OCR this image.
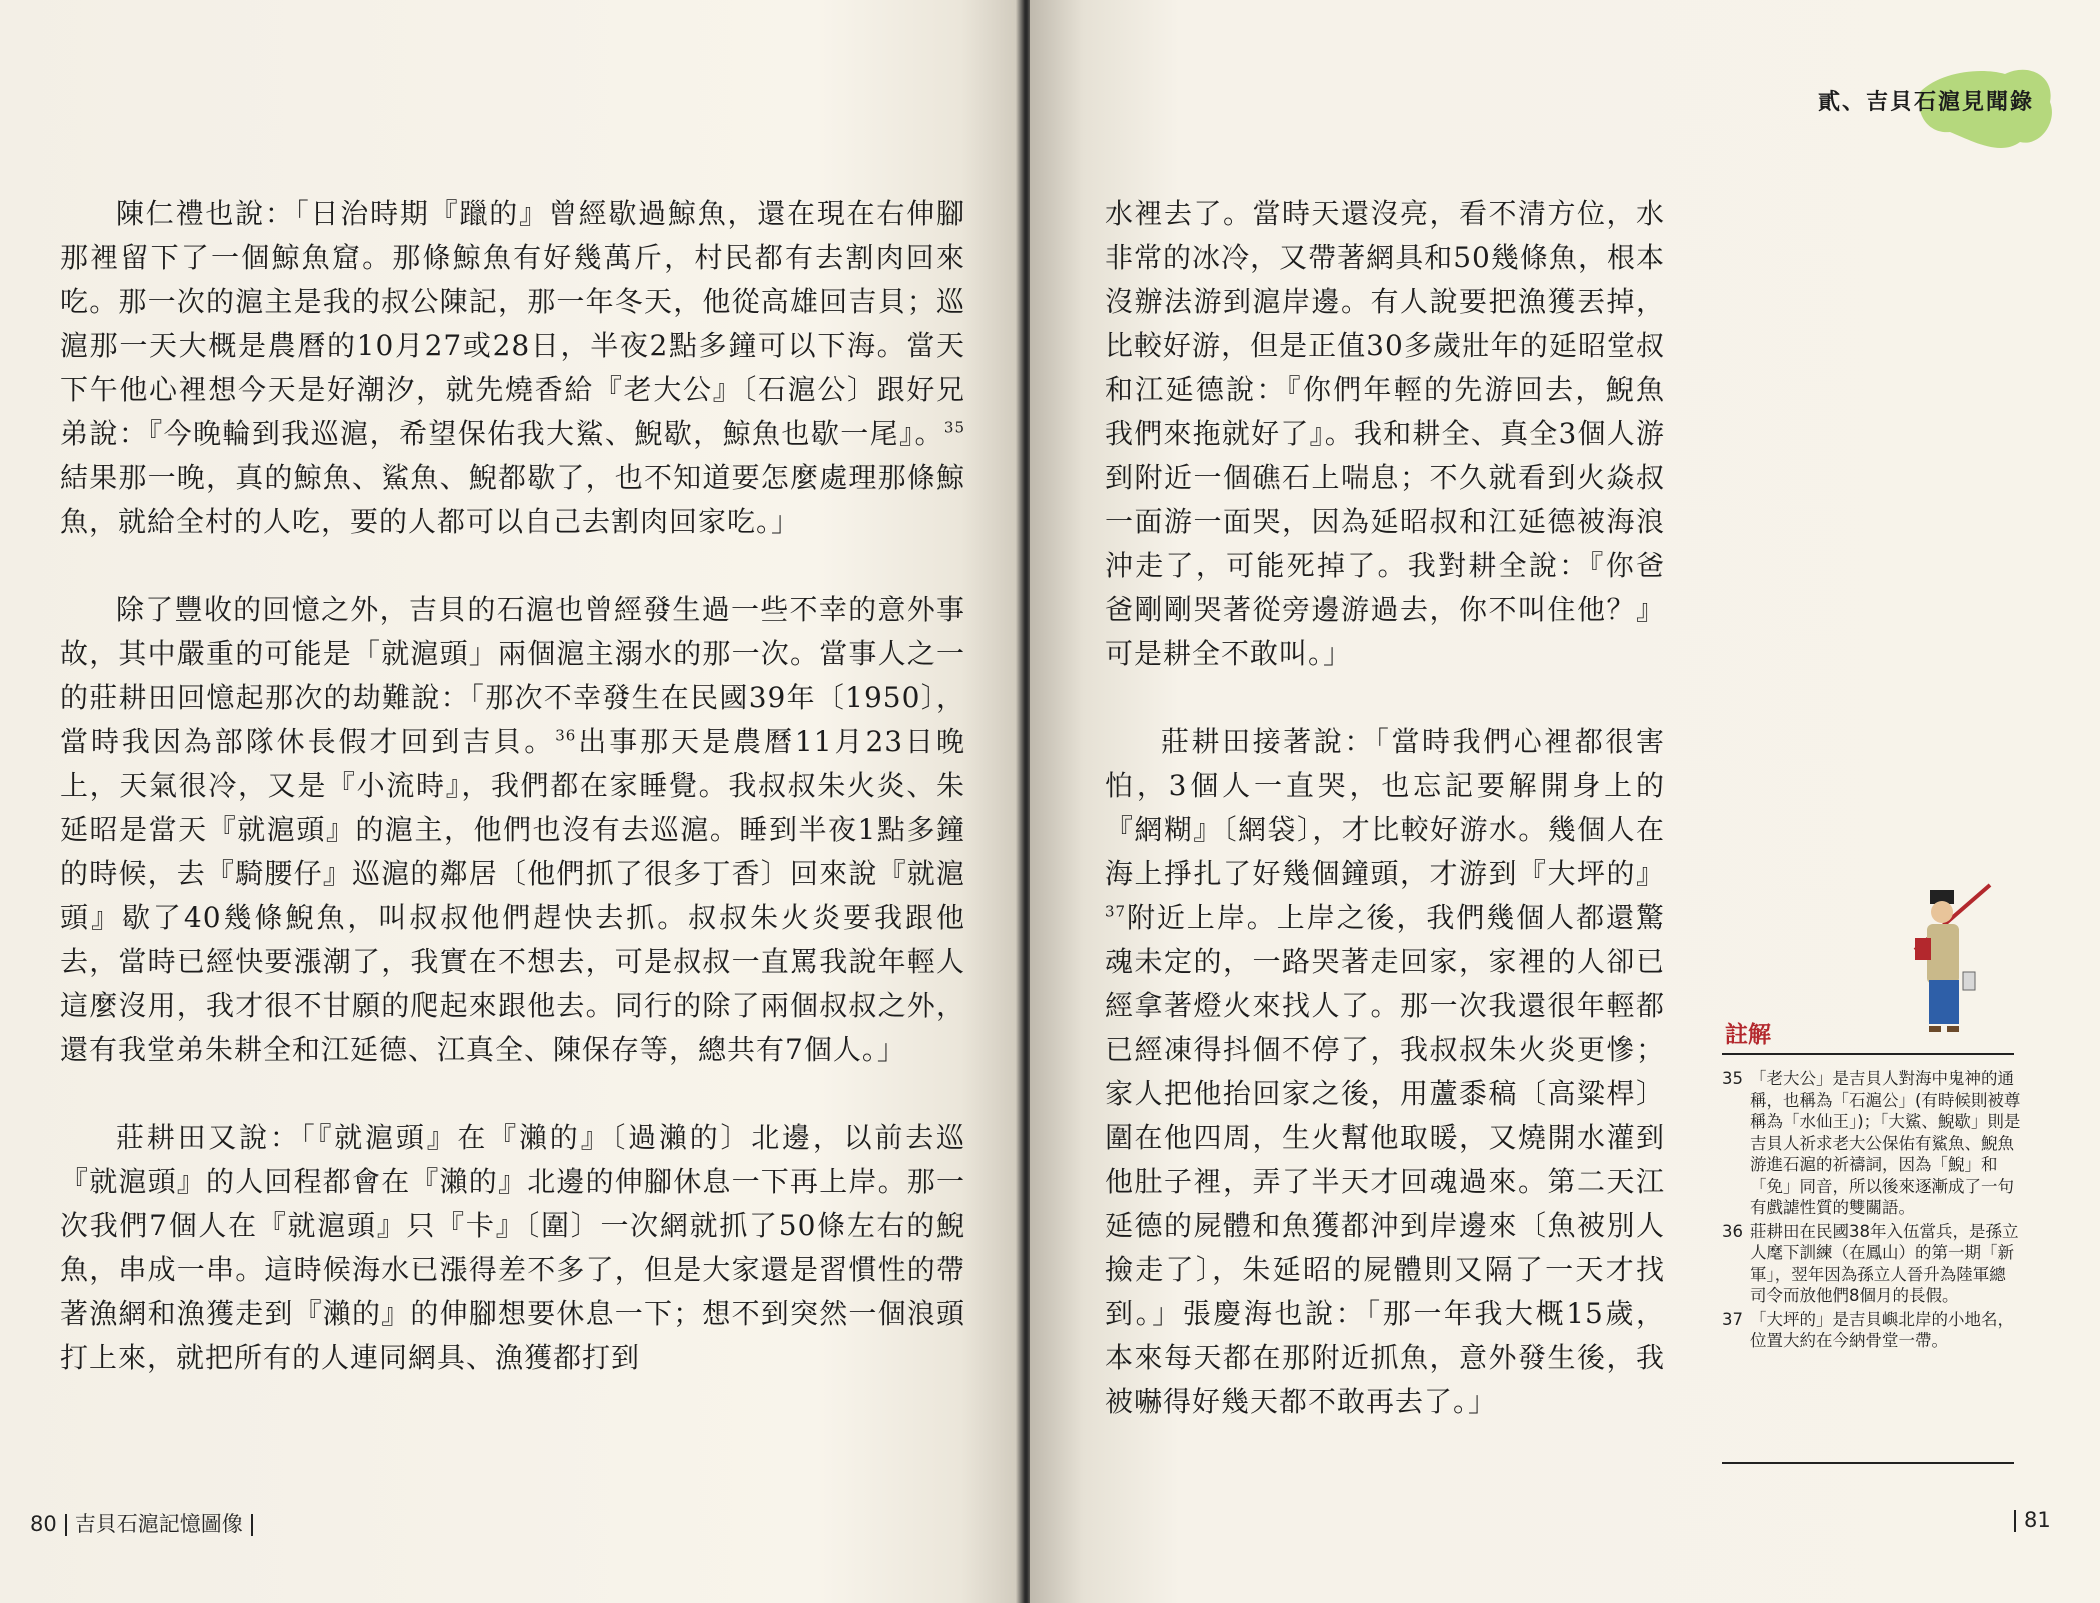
陳仁禮也說：「日治時期『躐的』曾經歇過鯨魚，還在現在右伸腳那裡留下了一個鯨魚窟。那條鯨魚有好幾萬斤，村民都有去割肉回來吃。那一次的滬主是我的叔公陳記，那一年冬天，他從高雄回吉貝；巡滬那一天大概是農曆的10月27或28日，半夜2點多鐘可以下海。當天下午他心裡想今天是好潮汐，就先燒香給『老大公』〔石滬公〕跟好兄弟說：『今晚輪到我巡滬，希望保佑我大鯊、鯢歇，鯨魚也歇一尾』。$^{35}$結果那一晚，真的鯨魚、鯊魚、鯢都歇了，也不知道要怎麼處理那條鯨魚，就給全村的人吃，要的人都可以自己去割肉回家吃。」

除了豐收的回憶之外，吉貝的石滬也曾經發生過一些不幸的意外事故，其中嚴重的可能是「就滬頭」兩個滬主溺水的那一次。當事人之一的莊耕田回憶起那次的劫難說：「那次不幸發生在民國39年〔1950〕，當時我因為部隊休長假才回到吉貝。$^{36}$出事那天是農曆11月23日晚上，天氣很冷，又是『小流時』，我們都在家睡覺。我叔叔朱火炎、朱延昭是當天『就滬頭』的滬主，他們也沒有去巡滬。睡到半夜1點多鐘的時候，去『騎腰仔』巡滬的鄰居〔他們抓了很多丁香〕回來說『就滬頭』歇了40幾條鯢魚，叫叔叔他們趕快去抓。叔叔朱火炎要我跟他去，當時已經快要漲潮了，我實在不想去，可是叔叔一直罵我說年輕人這麼沒用，我才很不甘願的爬起來跟他去。同行的除了兩個叔叔之外，還有我堂弟朱耕全和江延德、江真全、陳保存等，總共有7個人。」

莊耕田又說：「『就滬頭』在『瀨的』〔過瀨的〕北邊，以前去巡『就滬頭』的人回程都會在『瀨的』北邊的伸腳休息一下再上岸。那一次我們7個人在『就滬頭』只『卡』〔圍〕一次網就抓了50條左右的鯢魚，串成一串。這時候海水已漲得差不多了，但是大家還是習慣性的帶著漁網和漁獲走到『瀨的』的伸腳想要休息一下；想不到突然一個浪頭打上來，就把所有的人連同網具、漁獲都打到

80 吉貝石滬記憶圖像
貳、吉貝石滬見聞錄

水裡去了。當時天還沒亮，看不清方位，水非常的冰冷，又帶著網具和50幾條魚，根本沒辦法游到滬岸邊。有人說要把漁獲丟掉，比較好游，但是正值30多歲壯年的延昭堂叔和江延德說：『你們年輕的先游回去，鯢魚我們來拖就好了』。我和耕全、真全3個人游到附近一個礁石上喘息；不久就看到火焱叔一面游一面哭，因為延昭叔和江延德被海浪沖走了，可能死掉了。我對耕全說：『你爸爸剛剛哭著從旁邊游過去，你不叫住他？』可是耕全不敢叫。」

莊耕田接著說：「當時我們心裡都很害怕，3個人一直哭，也忘記要解開身上的『網糊』〔網袋〕，才比較好游水。幾個人在海上掙扎了好幾個鐘頭，才游到『大坪的』$^{37}$附近上岸。上岸之後，我們幾個人都還驚魂未定的，一路哭著走回家，家裡的人卻已經拿著燈火來找人了。那一次我還很年輕都已經凍得抖個不停了，我叔叔朱火炎更慘；家人把他抬回家之後，用蘆黍稿〔高粱桿〕圍在他四周，生火幫他取暖，又燒開水灌到他肚子裡，弄了半天才回魂過來。第二天江延德的屍體和魚獲都沖到岸邊來〔魚被別人撿走了〕，朱延昭的屍體則又隔了一天才找到。」張慶海也說：「那一年我大概15歲，本來每天都在那附近抓魚，意外發生後，我被嚇得好幾天都不敢再去了。」

註解
35 「老大公」是吉貝人對海中鬼神的通稱，也稱為「石滬公」(有時候則被尊稱為「水仙王」)；「大鯊、鯢歇」則是吉貝人祈求老大公保佑有鯊魚、鯢魚游進石滬的祈禱詞，因為「鯢」和「免」同音，所以後來逐漸成了一句有戲謔性質的雙關語。
36 莊耕田在民國38年入伍當兵，是孫立人麾下訓練（在鳳山）的第一期「新軍」，翌年因為孫立人晉升為陸軍總司令而放他們8個月的長假。
37 「大坪的」是吉貝嶼北岸的小地名，位置大約在今納骨堂一帶。
81
